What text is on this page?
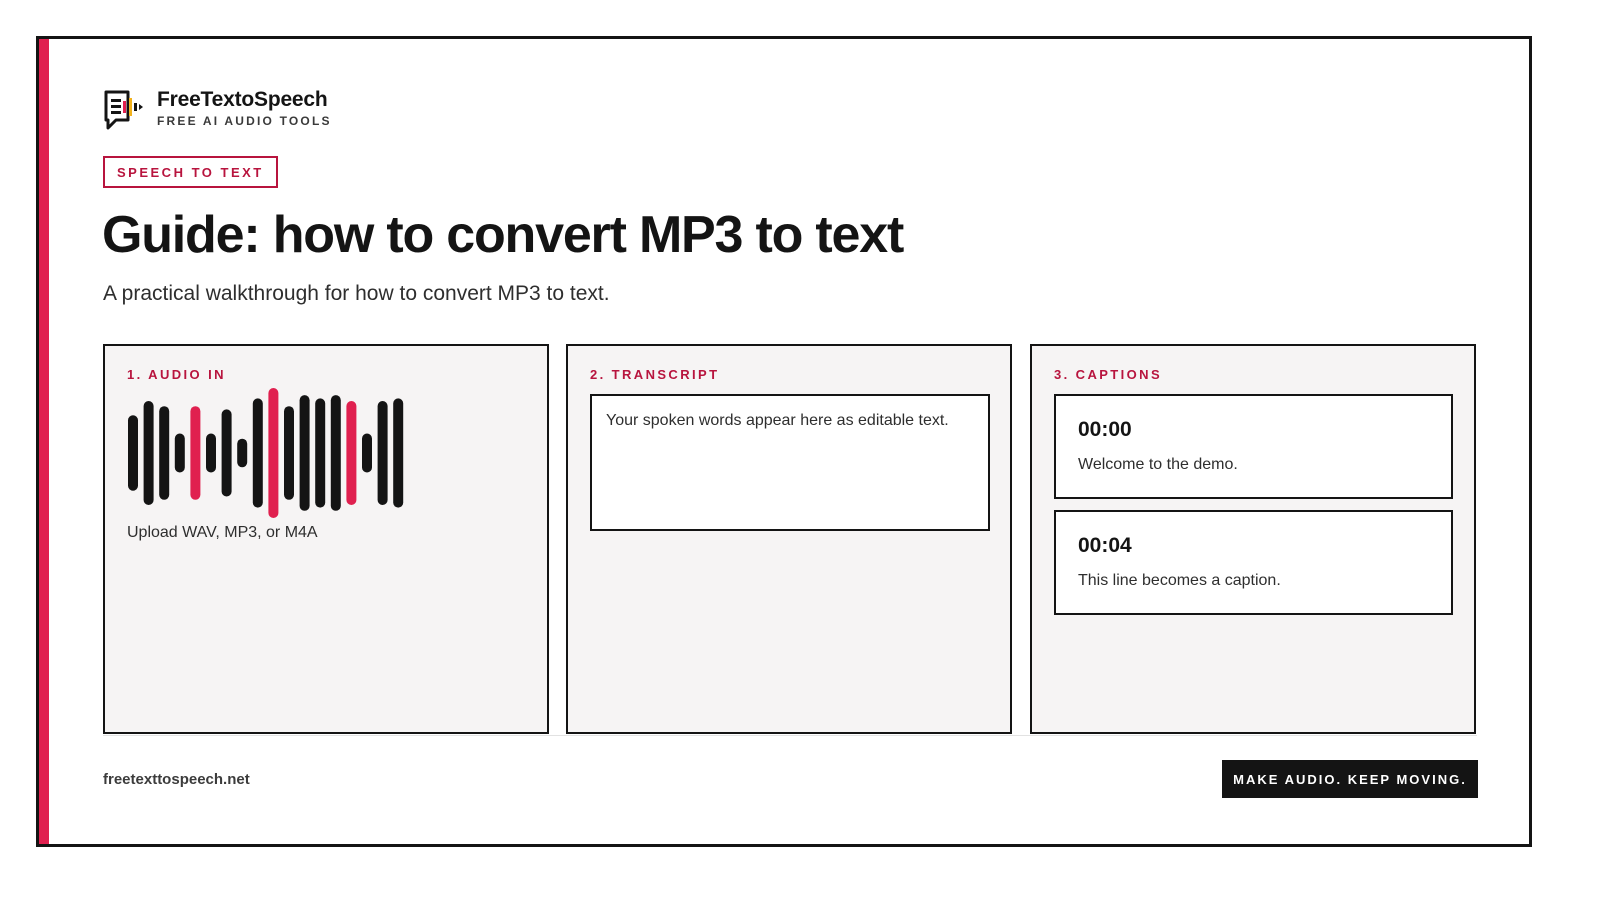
FreeTextoSpeech
FREE AI AUDIO TOOLS
SPEECH TO TEXT
Guide: how to convert MP3 to text

A practical walkthrough for how to convert MP3 to text.

1. AUDIO IN
Upload WAV, MP3, or M4A
2. TRANSCRIPT
Your spoken words appear here as editable text.
3. CAPTIONS
00:00
Welcome to the demo.
00:04
This line becomes a caption.
freetexttospeech.net	MAKE AUDIO. KEEP MOVING.
